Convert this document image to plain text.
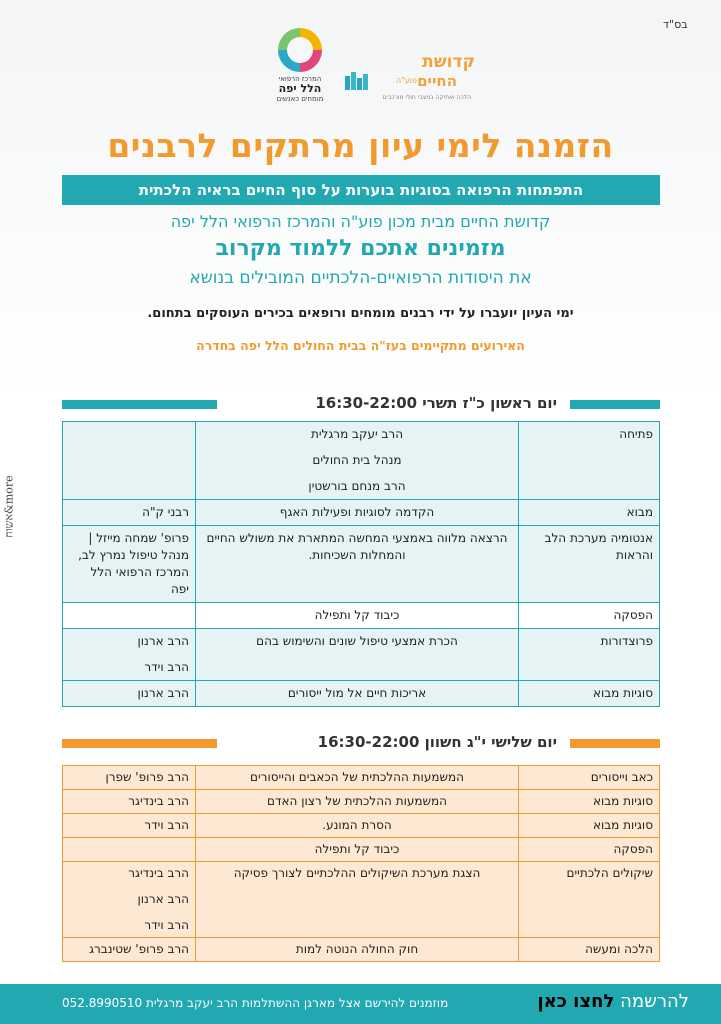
בס"ד
המרכז הרפואי
הלל יפה
מומחים כאנשים
קדושת
החיים
פוע"ה
הלכה ואתיקה במצבי חולי מורכבים
הזמנה לימי עיון מרתקים לרבנים
התפתחות הרפואה בסוגיות בוערות על סוף החיים בראיה הלכתית
קדושת החיים מבית מכון פוע"ה והמרכז הרפואי הלל יפה
מזמינים אתכם ללמוד מקרוב
את היסודות הרפואיים-הלכתיים המובילים בנושא
ימי העיון יועברו על ידי רבנים מומחים ורופאים בכירים העוסקים בתחום.
האירועים מתקיימים בעז"ה בבית החולים הלל יפה בחדרה
more&אשוח
יום ראשון כ"ז תשרי 16:30-22:00
פתיחה	הרב יעקב מרגלית
מנהל בית החולים
הרב מנחם בורשטין	

מבוא	הקדמה לסוגיות ופעילות האגף	רבני ק"ה

אנטומיה מערכת הלב והראות	הרצאה מלווה באמצעי המחשה המתארת את משולש החיים והמחלות השכיחות.	פרופ' שמחה מייזל | מנהל טיפול נמרץ לב, המרכז הרפואי הלל יפה

הפסקה	כיבוד קל ותפילה	

פרוצדורות	הכרת אמצעי טיפול שונים והשימוש בהם	הרב ארנון
הרב וידר

סוגיות מבוא	אריכות חיים אל מול ייסורים	הרב ארנון
יום שלישי י"ג חשוון 16:30-22:00
כאב וייסורים	המשמעות ההלכתית של הכאבים והייסורים	הרב פרופ' שפרן

סוגיות מבוא	המשמעות ההלכתית של רצון האדם	הרב בינדיגר

סוגיות מבוא	הסרת המונע.	הרב וידר

הפסקה	כיבוד קל ותפילה	

שיקולים הלכתיים	הצגת מערכת השיקולים ההלכתיים לצורך פסיקה	הרב בינדיגר
הרב ארנון
הרב וידר

הלכה ומעשה	חוק החולה הנוטה למות	הרב פרופ' שטינברג
להרשמה לחצו כאן
מוזמנים להירשם אצל מארגן ההשתלמות הרב יעקב מרגלית 052.8990510
